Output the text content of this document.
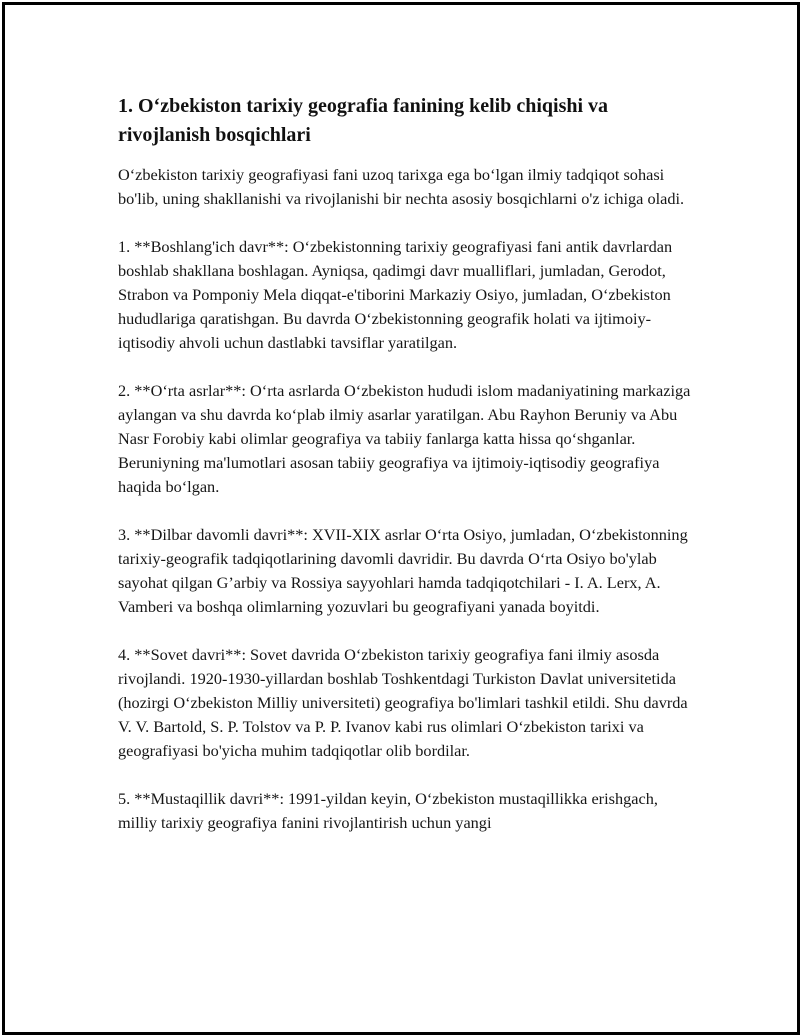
1. O‘zbekiston tarixiy geografia fanining kelib chiqishi va rivojlanish bosqichlari

O‘zbekiston tarixiy geografiyasi fani uzoq tarixga ega bo‘lgan ilmiy tadqiqot sohasi bo'lib, uning shakllanishi va rivojlanishi bir nechta asosiy bosqichlarni o'z ichiga oladi.

1. **Boshlang'ich davr**: O‘zbekistonning tarixiy geografiyasi fani antik davrlardan boshlab shakllana boshlagan. Ayniqsa, qadimgi davr mualliflari, jumladan, Gerodot, Strabon va Pomponiy Mela diqqat-e'tiborini Markaziy Osiyo, jumladan, O‘zbekiston hududlariga qaratishgan. Bu davrda O‘zbekistonning geografik holati va ijtimoiy-iqtisodiy ahvoli uchun dastlabki tavsiflar yaratilgan.

2. **O‘rta asrlar**: O‘rta asrlarda O‘zbekiston hududi islom madaniyatining markaziga aylangan va shu davrda ko‘plab ilmiy asarlar yaratilgan. Abu Rayhon Beruniy va Abu Nasr Forobiy kabi olimlar geografiya va tabiiy fanlarga katta hissa qo‘shganlar. Beruniyning ma'lumotlari asosan tabiiy geografiya va ijtimoiy-iqtisodiy geografiya haqida bo‘lgan.

3. **Dilbar davomli davri**: XVII-XIX asrlar O‘rta Osiyo, jumladan, O‘zbekistonning tarixiy-geografik tadqiqotlarining davomli davridir. Bu davrda O‘rta Osiyo bo'ylab sayohat qilgan G’arbiy va Rossiya sayyohlari hamda tadqiqotchilari - I. A. Lerx, A. Vamberi va boshqa olimlarning yozuvlari bu geografiyani yanada boyitdi.

4. **Sovet davri**: Sovet davrida O‘zbekiston tarixiy geografiya fani ilmiy asosda rivojlandi. 1920-1930-yillardan boshlab Toshkentdagi Turkiston Davlat universitetida (hozirgi O‘zbekiston Milliy universiteti) geografiya bo'limlari tashkil etildi. Shu davrda V. V. Bartold, S. P. Tolstov va P. P. Ivanov kabi rus olimlari O‘zbekiston tarixi va geografiyasi bo'yicha muhim tadqiqotlar olib bordilar.

5. **Mustaqillik davri**: 1991-yildan keyin, O‘zbekiston mustaqillikka erishgach, milliy tarixiy geografiya fanini rivojlantirish uchun yangi
